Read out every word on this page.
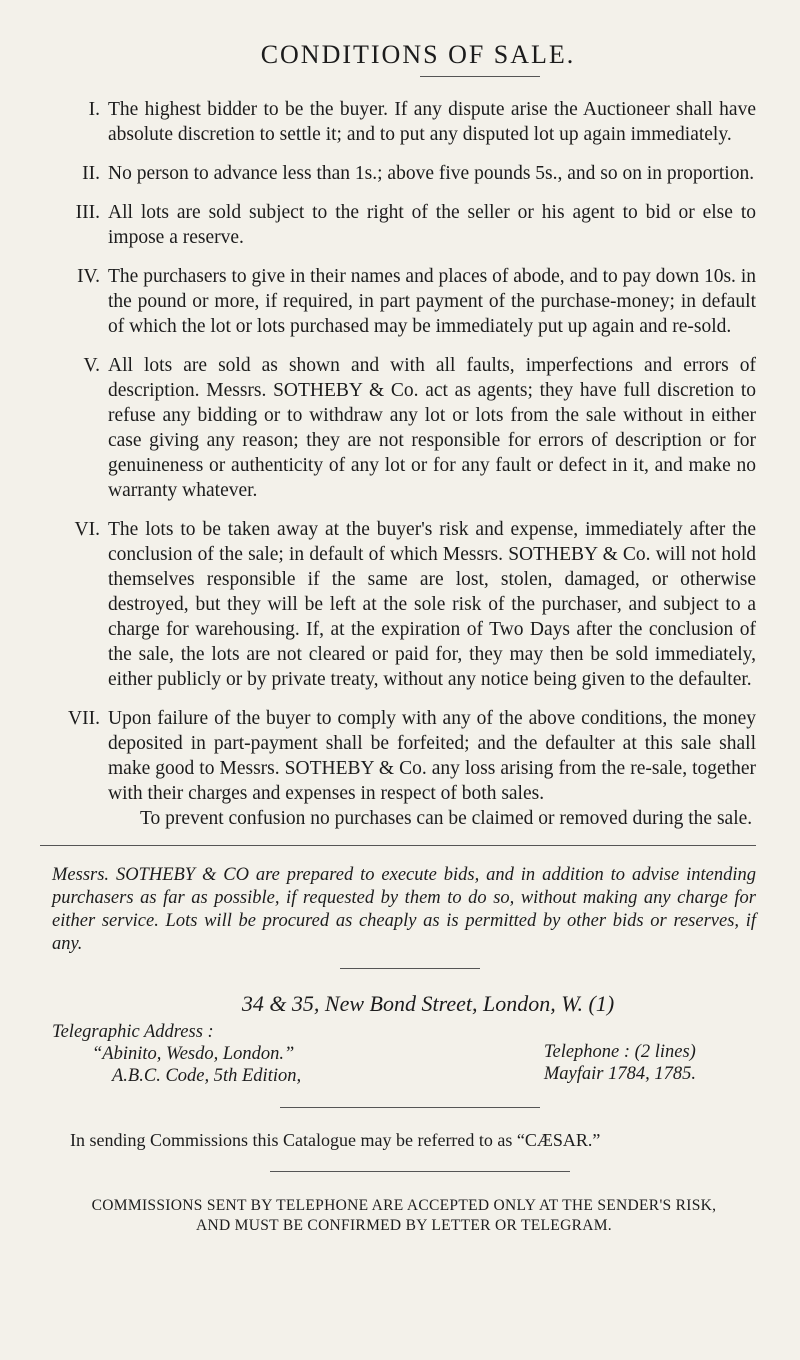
CONDITIONS OF SALE.
I. The highest bidder to be the buyer. If any dispute arise the Auctioneer shall have absolute discretion to settle it; and to put any disputed lot up again immediately.
II. No person to advance less than 1s.; above five pounds 5s., and so on in proportion.
III. All lots are sold subject to the right of the seller or his agent to bid or else to impose a reserve.
IV. The purchasers to give in their names and places of abode, and to pay down 10s. in the pound or more, if required, in part payment of the purchase-money; in default of which the lot or lots purchased may be immediately put up again and re-sold.
V. All lots are sold as shown and with all faults, imperfections and errors of description. Messrs. SOTHEBY & Co. act as agents; they have full discretion to refuse any bidding or to withdraw any lot or lots from the sale without in either case giving any reason; they are not responsible for errors of description or for genuineness or authenticity of any lot or for any fault or defect in it, and make no warranty whatever.
VI. The lots to be taken away at the buyer's risk and expense, immediately after the conclusion of the sale; in default of which Messrs. SOTHEBY & Co. will not hold themselves responsible if the same are lost, stolen, damaged, or otherwise destroyed, but they will be left at the sole risk of the purchaser, and subject to a charge for warehousing. If, at the expiration of Two Days after the conclusion of the sale, the lots are not cleared or paid for, they may then be sold immediately, either publicly or by private treaty, without any notice being given to the defaulter.
VII. Upon failure of the buyer to comply with any of the above conditions, the money deposited in part-payment shall be forfeited; and the defaulter at this sale shall make good to Messrs. SOTHEBY & Co. any loss arising from the re-sale, together with their charges and expenses in respect of both sales.
To prevent confusion no purchases can be claimed or removed during the sale.
Messrs. SOTHEBY & CO are prepared to execute bids, and in addition to advise intending purchasers as far as possible, if requested by them to do so, without making any charge for either service. Lots will be procured as cheaply as is permitted by other bids or reserves, if any.
34 & 35, New Bond Street, London, W. (1)
Telegraphic Address :
“Abinito, Wesdo, London.”
A.B.C. Code, 5th Edition,
Telephone : (2 lines)
Mayfair 1784, 1785.
In sending Commissions this Catalogue may be referred to as “CÆSAR.”
COMMISSIONS SENT BY TELEPHONE ARE ACCEPTED ONLY AT THE SENDER'S RISK,
AND MUST BE CONFIRMED BY LETTER OR TELEGRAM.
